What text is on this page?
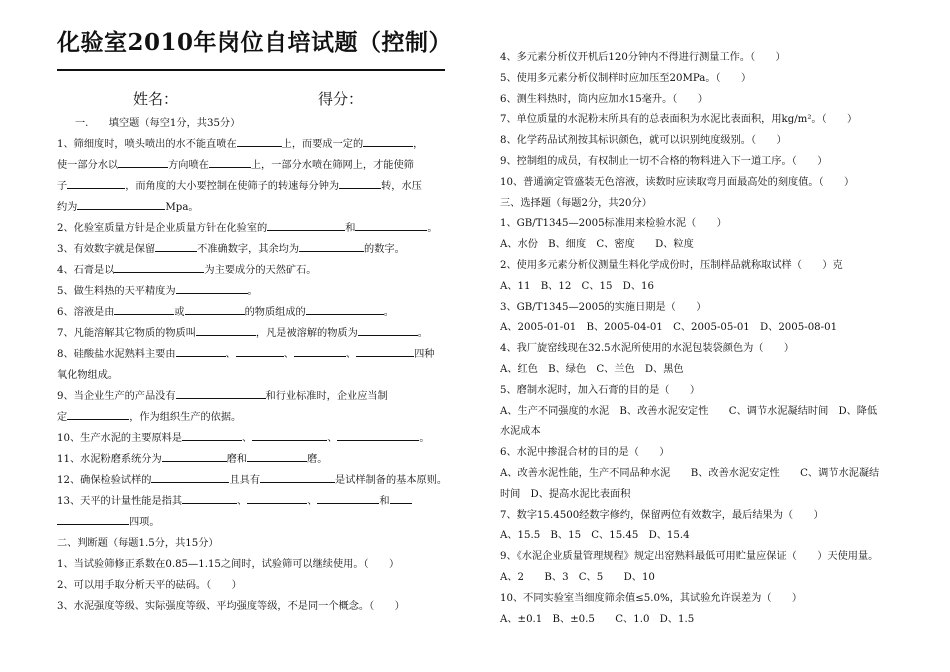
化验室2010年岗位自培试题（控制）
姓名：	得分：
一.　　填空题（每空1分，共35分）
1、筛细度时，喷头喷出的水不能直喷在	上，而要成一定的	，
使一部分水以	方向喷在	上，一部分水喷在筛网上，才能使筛
子	，而角度的大小要控制在使筛子的转速每分钟为	转，水压
约为	Mpa。
2、化验室质量方针是企业质量方针在化验室的	和	。
3、有效数字就是保留	不准确数字，其余均为	的数字。
4、石膏是以	为主要成分的天然矿石。
5、做生料热的天平精度为	。
6、溶液是由	或	的物质组成的	。
7、凡能溶解其它物质的物质叫	，凡是被溶解的物质为	。
8、硅酸盐水泥熟料主要由	、	、	、	四种
氧化物组成。
9、当企业生产的产品没有	和行业标准时，企业应当制
定	，作为组织生产的依据。
10、生产水泥的主要原料是	、	、	。
11、水泥粉磨系统分为	磨和	磨。
12、确保检验试样的	且具有	是试样制备的基本原则。
13、天平的计量性能是指其	、	、	和
四项。
二、判断题（每题1.5分，共15分）
1、当试验筛修正系数在0.85—1.15之间时，试验筛可以继续使用。（　　）
2、可以用手取分析天平的砝码。（　　）
3、水泥强度等级、实际强度等级、平均强度等级，不是同一个概念。（　　）
4、多元素分析仪开机后120分钟内不得进行测量工作。（　　）
5、使用多元素分析仪制样时应加压至20MPa。（　　）
6、测生料热时，筒内应加水15毫升。（　　）
7、单位质量的水泥粉末所具有的总表面积为水泥比表面积，用kg/m²。（　　）
8、化学药品试剂按其标识颜色，就可以识别纯度级别。（　　）
9、控制组的成员，有权制止一切不合格的物料进入下一道工序。（　　）
10、普通滴定管盛装无色溶液，读数时应读取弯月面最高处的刻度值。（　　）
三、选择题（每题2分，共20分）
1、GB/T1345—2005标准用来检验水泥（　　）
A、水份　B、细度　C、密度　　D、粒度
2、使用多元素分析仪测量生料化学成份时，压制样品就称取试样（　　）克
A、11　B、12　C、15　D、16
3、GB/T1345—2005的实施日期是（　　）
A、2005-01-01　B、2005-04-01　C、2005-05-01　D、2005-08-01
4、我厂旋窑线现在32.5水泥所使用的水泥包装袋颜色为（　　）
A、红色　B、绿色　C、兰色　D、黑色
5、磨制水泥时，加入石膏的目的是（　　）
A、生产不同强度的水泥　B、改善水泥安定性　　C、调节水泥凝结时间　D、降低
水泥成本
6、水泥中掺混合材的目的是（　　）
A、改善水泥性能，生产不同品种水泥　　B、改善水泥安定性　　C、调节水泥凝结
时间　D、提高水泥比表面积
7、数字15.4500经数字修约，保留两位有效数字，最后结果为（　　）
A、15.5　B、15　C、15.45　D、15.4
9、《水泥企业质量管理规程》规定出窑熟料最低可用贮量应保证（　　）天使用量。
A、2　　B、3　C、5　　D、10
10、不同实验室当细度筛余值≤5.0%，其试验允许误差为（　　）
A、±0.1　B、±0.5　　C、1.0　D、1.5
